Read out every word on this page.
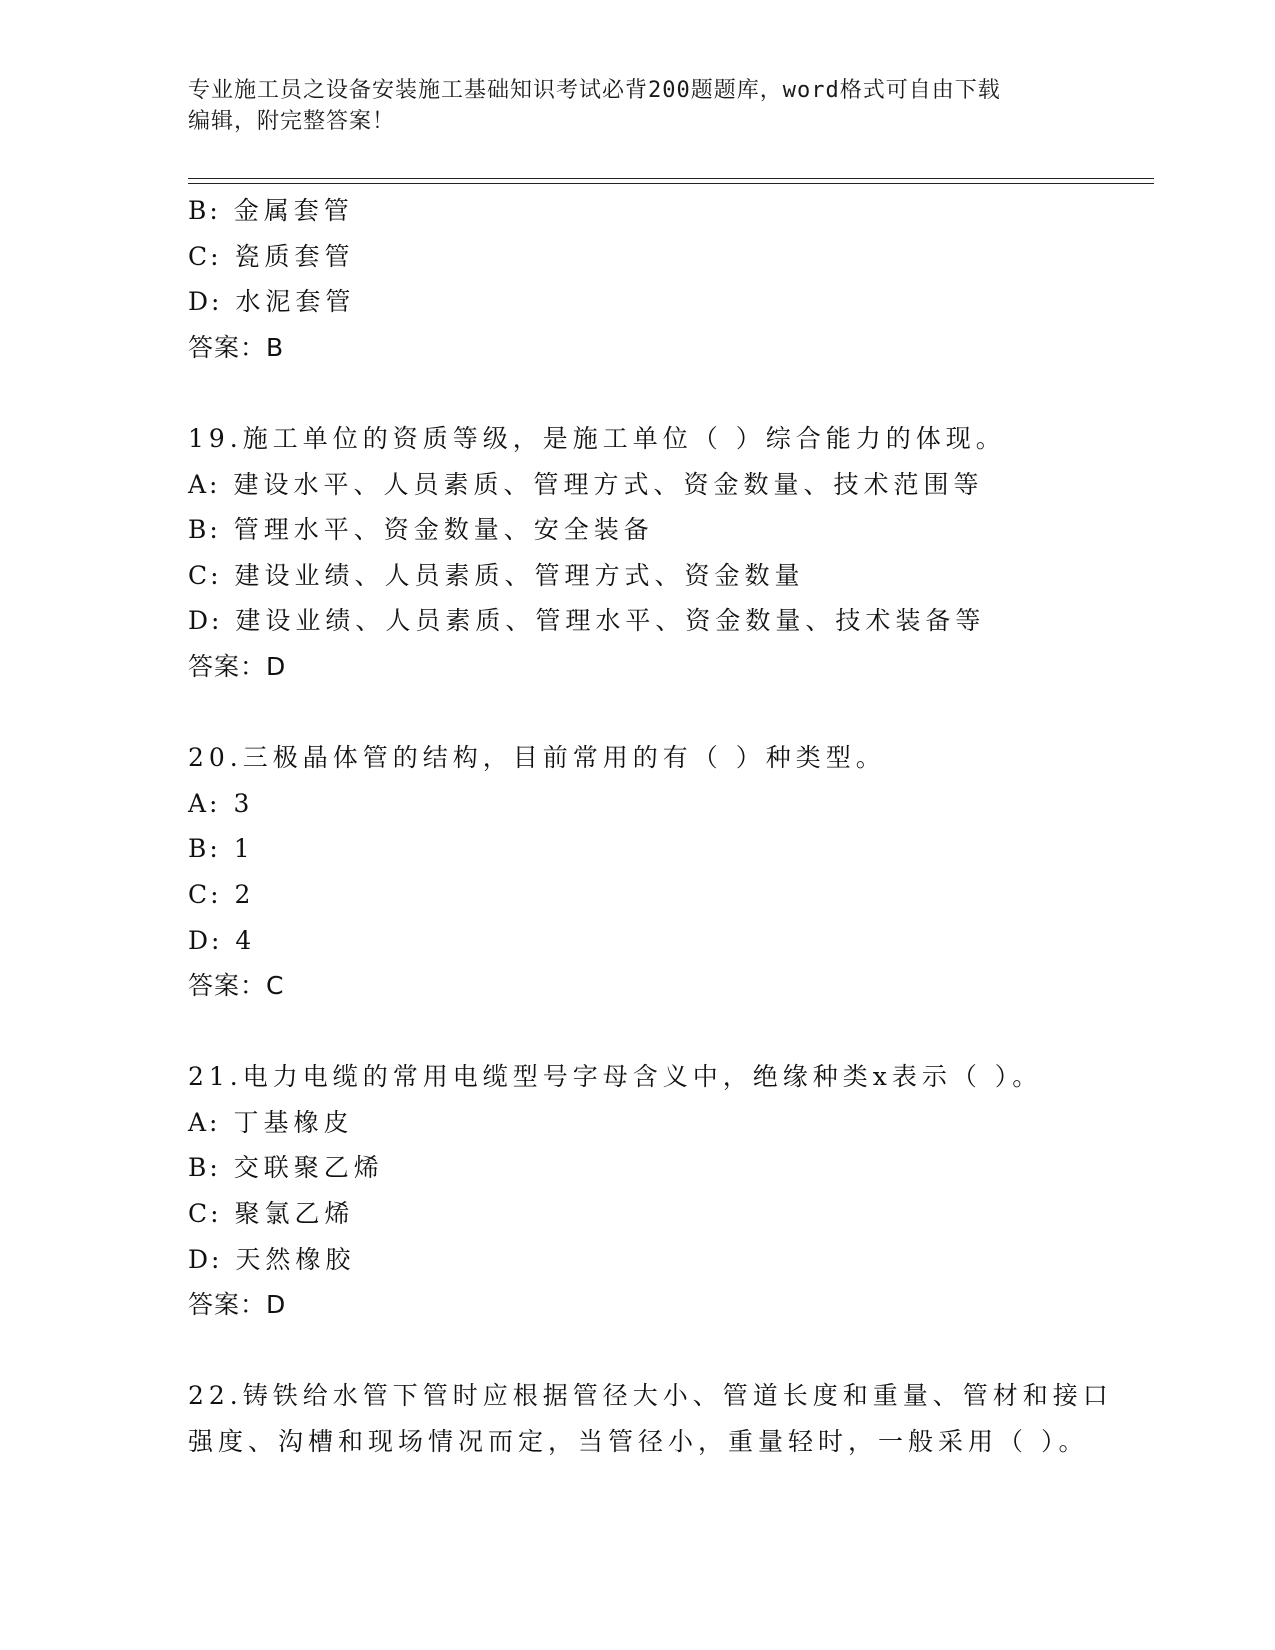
专业施工员之设备安装施工基础知识考试必背200题题库，word格式可自由下载
编辑，附完整答案！
B: 金属套管
C: 瓷质套管
D: 水泥套管
答案：B
19.施工单位的资质等级，是施工单位（ ）综合能力的体现。
A: 建设水平、人员素质、管理方式、资金数量、技术范围等
B: 管理水平、资金数量、安全装备
C: 建设业绩、人员素质、管理方式、资金数量
D: 建设业绩、人员素质、管理水平、资金数量、技术装备等
答案：D
20.三极晶体管的结构，目前常用的有（ ）种类型。
A: 3
B: 1
C: 2
D: 4
答案：C
21.电力电缆的常用电缆型号字母含义中，绝缘种类x表示（ ）。
A: 丁基橡皮
B: 交联聚乙烯
C: 聚氯乙烯
D: 天然橡胶
答案：D
22.铸铁给水管下管时应根据管径大小、管道长度和重量、管材和接口
强度、沟槽和现场情况而定，当管径小，重量轻时，一般采用（ ）。
